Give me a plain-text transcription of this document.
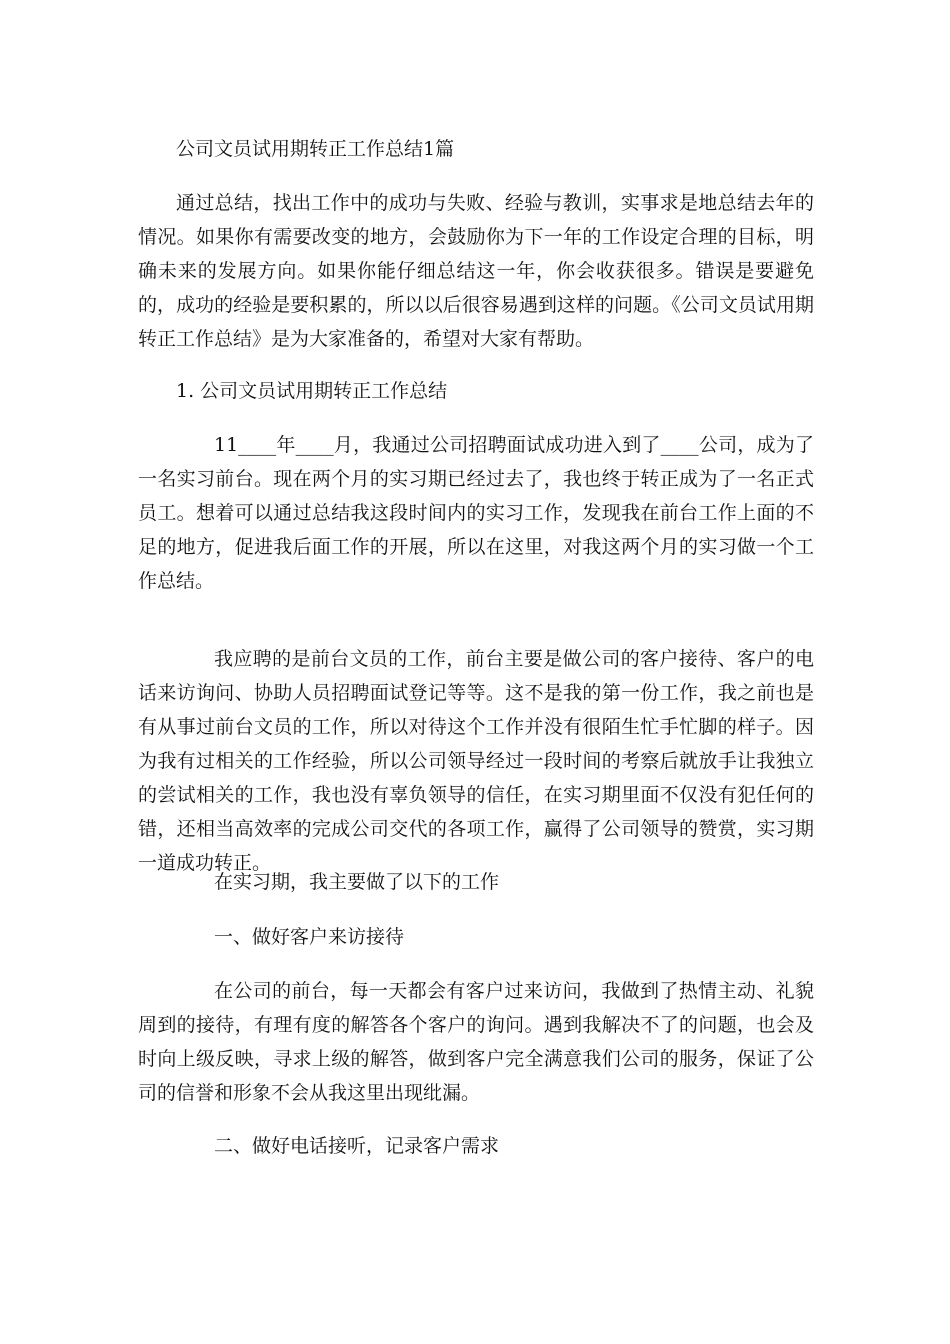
公司文员试用期转正工作总结1篇

通过总结，找出工作中的成功与失败、经验与教训，实事求是地总结去年的情况。如果你有需要改变的地方，会鼓励你为下一年的工作设定合理的目标，明确未来的发展方向。如果你能仔细总结这一年，你会收获很多。错误是要避免的，成功的经验是要积累的，所以以后很容易遇到这样的问题。《公司文员试用期转正工作总结》是为大家准备的，希望对大家有帮助。

1. 公司文员试用期转正工作总结

11____年____月，我通过公司招聘面试成功进入到了____公司，成为了一名实习前台。现在两个月的实习期已经过去了，我也终于转正成为了一名正式员工。想着可以通过总结我这段时间内的实习工作，发现我在前台工作上面的不足的地方，促进我后面工作的开展，所以在这里，对我这两个月的实习做一个工作总结。

我应聘的是前台文员的工作，前台主要是做公司的客户接待、客户的电话来访询问、协助人员招聘面试登记等等。这不是我的第一份工作，我之前也是有从事过前台文员的工作，所以对待这个工作并没有很陌生忙手忙脚的样子。因为我有过相关的工作经验，所以公司领导经过一段时间的考察后就放手让我独立的尝试相关的工作，我也没有辜负领导的信任，在实习期里面不仅没有犯任何的错，还相当高效率的完成公司交代的各项工作，赢得了公司领导的赞赏，实习期一道成功转正。

在实习期，我主要做了以下的工作

一、做好客户来访接待

在公司的前台，每一天都会有客户过来访问，我做到了热情主动、礼貌周到的接待，有理有度的解答各个客户的询问。遇到我解决不了的问题，也会及时向上级反映，寻求上级的解答，做到客户完全满意我们公司的服务，保证了公司的信誉和形象不会从我这里出现纰漏。

二、做好电话接听，记录客户需求
